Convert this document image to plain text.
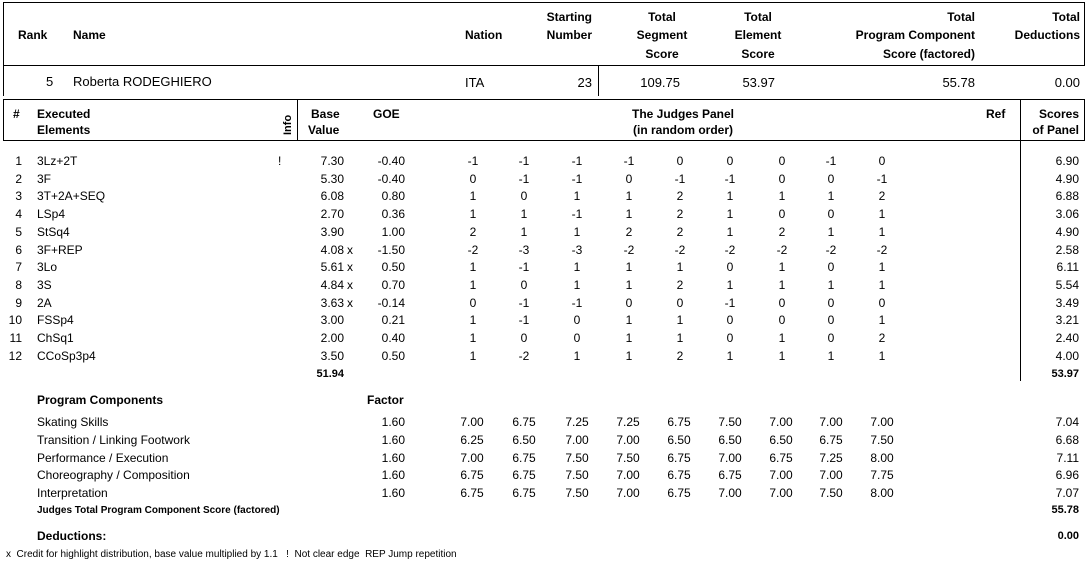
Rank Name	Nation
Starting
Number
Total
Segment
Score
Total
Element
Score
Total
Program Component
Score (factored)
Total
Deductions
5 Roberta RODEGHIERO	ITA	23	109.75	53.97	55.78	0.00
# Executed
Elements	Info
Base
Value
GOE	The Judges Panel
(in random order)
Ref	Scores
of Panel
1 3Lz+2T	!	7.30	-0.40	-1	-1	-1	-1	0	0	0	-1	0	6.90
2 3F	5.30	-0.40	0	-1	-1	0	-1	-1	0	0	-1	4.90
3 3T+2A+SEQ	6.08	0.80	1	0	1	1	2	1	1	1	2	6.88
4 LSp4	2.70	0.36	1	1	-1	1	2	1	0	0	1	3.06
5 StSq4	3.90	1.00	2	1	1	2	2	1	2	1	1	4.90
6 3F+REP	4.08 x	-1.50	-2	-3	-3	-2	-2	-2	-2	-2	-2	2.58
7 3Lo	5.61 x	0.50	1	-1	1	1	1	0	1	0	1	6.11
8 3S	4.84 x	0.70	1	0	1	1	2	1	1	1	1	5.54
9 2A	3.63 x	-0.14	0	-1	-1	0	0	-1	0	0	0	3.49
10 FSSp4	3.00	0.21	1	-1	0	1	1	0	0	0	1	3.21
11 ChSq1	2.00	0.40	1	0	0	1	1	0	1	0	2	2.40
12 CCoSp3p4	3.50	0.50	1	-2	1	1	2	1	1	1	1	4.00
51.94	53.97
Program Components	Factor
Skating Skills	1.60	7.00	6.75	7.25	7.25	6.75	7.50	7.00	7.00	7.00	7.04
Transition / Linking Footwork	1.60	6.25	6.50	7.00	7.00	6.50	6.50	6.50	6.75	7.50	6.68
Performance / Execution	1.60	7.00	6.75	7.50	7.50	6.75	7.00	6.75	7.25	8.00	7.11
Choreography / Composition	1.60	6.75	6.75	7.50	7.00	6.75	6.75	7.00	7.00	7.75	6.96
Interpretation	1.60	6.75	6.75	7.50	7.00	6.75	7.00	7.00	7.50	8.00	7.07
Judges Total Program Component Score (factored)	55.78
Deductions:	0.00
x  Credit for highlight distribution, base value multiplied by 1.1   !  Not clear edge  REP Jump repetition
